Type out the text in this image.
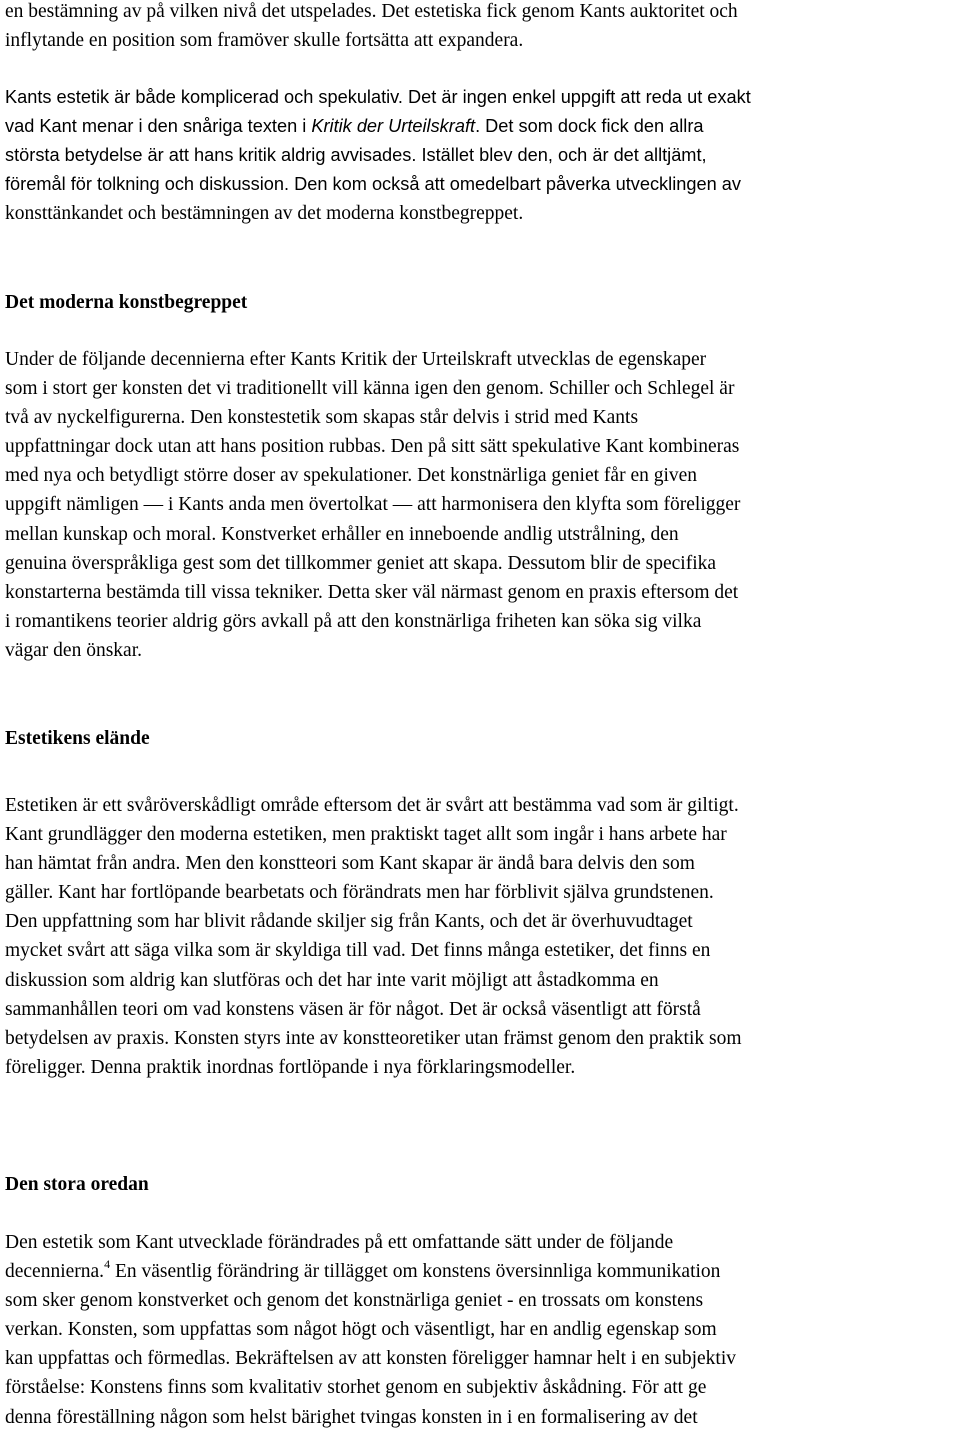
en bestämning av på vilken nivå det utspelades. Det estetiska fick genom Kants auktoritet och
inflytande en position som framöver skulle fortsätta att expandera.
Kants estetik är både komplicerad och spekulativ. Det är ingen enkel uppgift att reda ut exakt
vad Kant menar i den snåriga texten i Kritik der Urteilskraft. Det som dock fick den allra
största betydelse är att hans kritik aldrig avvisades. Istället blev den, och är det alltjämt,
föremål för tolkning och diskussion. Den kom också att omedelbart påverka utvecklingen av
konsttänkandet och bestämningen av det moderna konstbegreppet.
Det moderna konstbegreppet
Under de följande decennierna efter Kants Kritik der Urteilskraft utvecklas de egenskaper
som i stort ger konsten det vi traditionellt vill känna igen den genom. Schiller och Schlegel är
två av nyckelfigurerna. Den konstestetik som skapas står delvis i strid med Kants
uppfattningar dock utan att hans position rubbas. Den på sitt sätt spekulative Kant kombineras
med nya och betydligt större doser av spekulationer. Det konstnärliga geniet får en given
uppgift nämligen — i Kants anda men övertolkat — att harmonisera den klyfta som föreligger
mellan kunskap och moral. Konstverket erhåller en inneboende andlig utstrålning, den
genuina överspråkliga gest som det tillkommer geniet att skapa. Dessutom blir de specifika
konstarterna bestämda till vissa tekniker. Detta sker väl närmast genom en praxis eftersom det
i romantikens teorier aldrig görs avkall på att den konstnärliga friheten kan söka sig vilka
vägar den önskar.
Estetikens elände
Estetiken är ett svåröverskådligt område eftersom det är svårt att bestämma vad som är giltigt.
Kant grundlägger den moderna estetiken, men praktiskt taget allt som ingår i hans arbete har
han hämtat från andra. Men den konstteori som Kant skapar är ändå bara delvis den som
gäller. Kant har fortlöpande bearbetats och förändrats men har förblivit själva grundstenen.
Den uppfattning som har blivit rådande skiljer sig från Kants, och det är överhuvudtaget
mycket svårt att säga vilka som är skyldiga till vad. Det finns många estetiker, det finns en
diskussion som aldrig kan slutföras och det har inte varit möjligt att åstadkomma en
sammanhållen teori om vad konstens väsen är för något. Det är också väsentligt att förstå
betydelsen av praxis. Konsten styrs inte av konstteoretiker utan främst genom den praktik som
föreligger. Denna praktik inordnas fortlöpande i nya förklaringsmodeller.
Den stora oredan
Den estetik som Kant utvecklade förändrades på ett omfattande sätt under de följande
decennierna.$^4$ En väsentlig förändring är tillägget om konstens översinnliga kommunikation
som sker genom konstverket och genom det konstnärliga geniet - en trossats om konstens
verkan. Konsten, som uppfattas som något högt och väsentligt, har en andlig egenskap som
kan uppfattas och förmedlas. Bekräftelsen av att konsten föreligger hamnar helt i en subjektiv
förståelse: Konstens finns som kvalitativ storhet genom en subjektiv åskådning. För att ge
denna föreställning någon som helst bärighet tvingas konsten in i en formalisering av det
